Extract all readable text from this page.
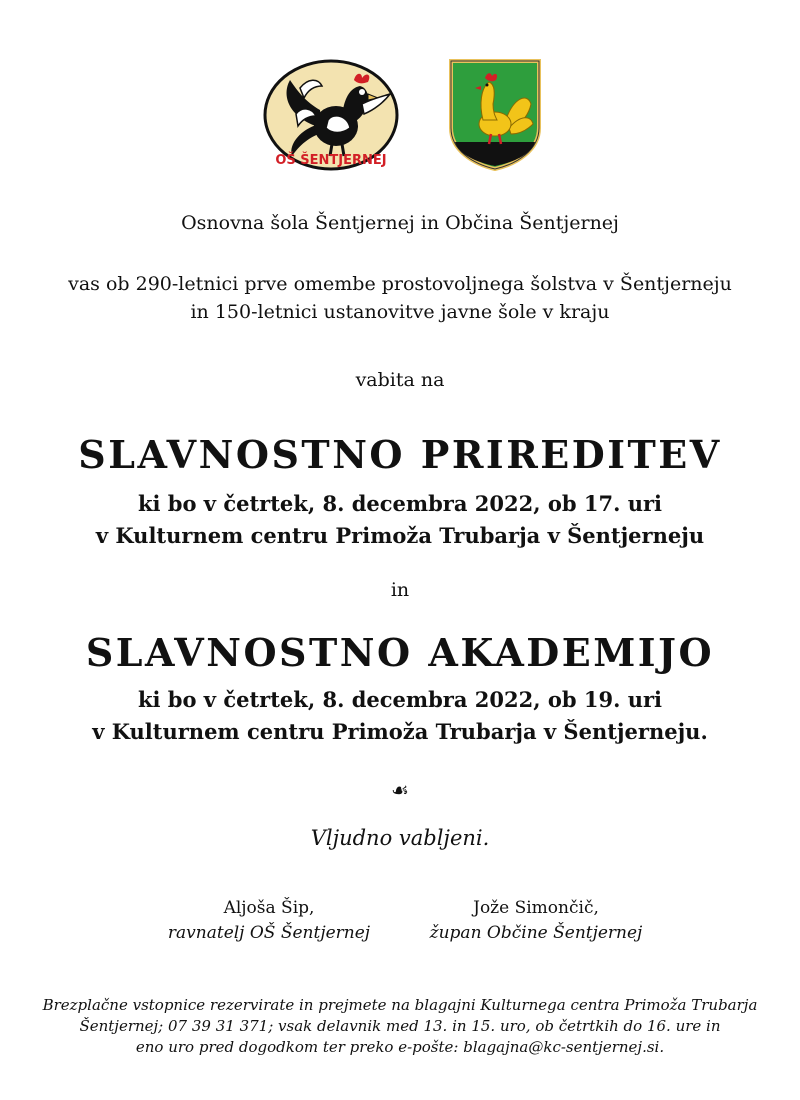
OŠ ŠENTJERNEJ
Osnovna šola Šentjernej in Občina Šentjernej
vas ob 290-letnici prve omembe prostovoljnega šolstva v Šentjerneju
in 150-letnici ustanovitve javne šole v kraju
vabita na
SLAVNOSTNO PRIREDITEV
ki bo v četrtek, 8. decembra 2022, ob 17. uri
v Kulturnem centru Primoža Trubarja v Šentjerneju
in
SLAVNOSTNO AKADEMIJO
ki bo v četrtek, 8. decembra 2022, ob 19. uri
v Kulturnem centru Primoža Trubarja v Šentjerneju.
☙
Vljudno vabljeni.
Aljoša Šip,
ravnatelj OŠ Šentjernej
Jože Simončič,
župan Občine Šentjernej
Brezplačne vstopnice rezervirate in prejmete na blagajni Kulturnega centra Primoža Trubarja
Šentjernej; 07 39 31 371; vsak delavnik med 13. in 15. uro, ob četrtkih do 16. ure in
eno uro pred dogodkom ter preko e-pošte: blagajna@kc-sentjernej.si.
